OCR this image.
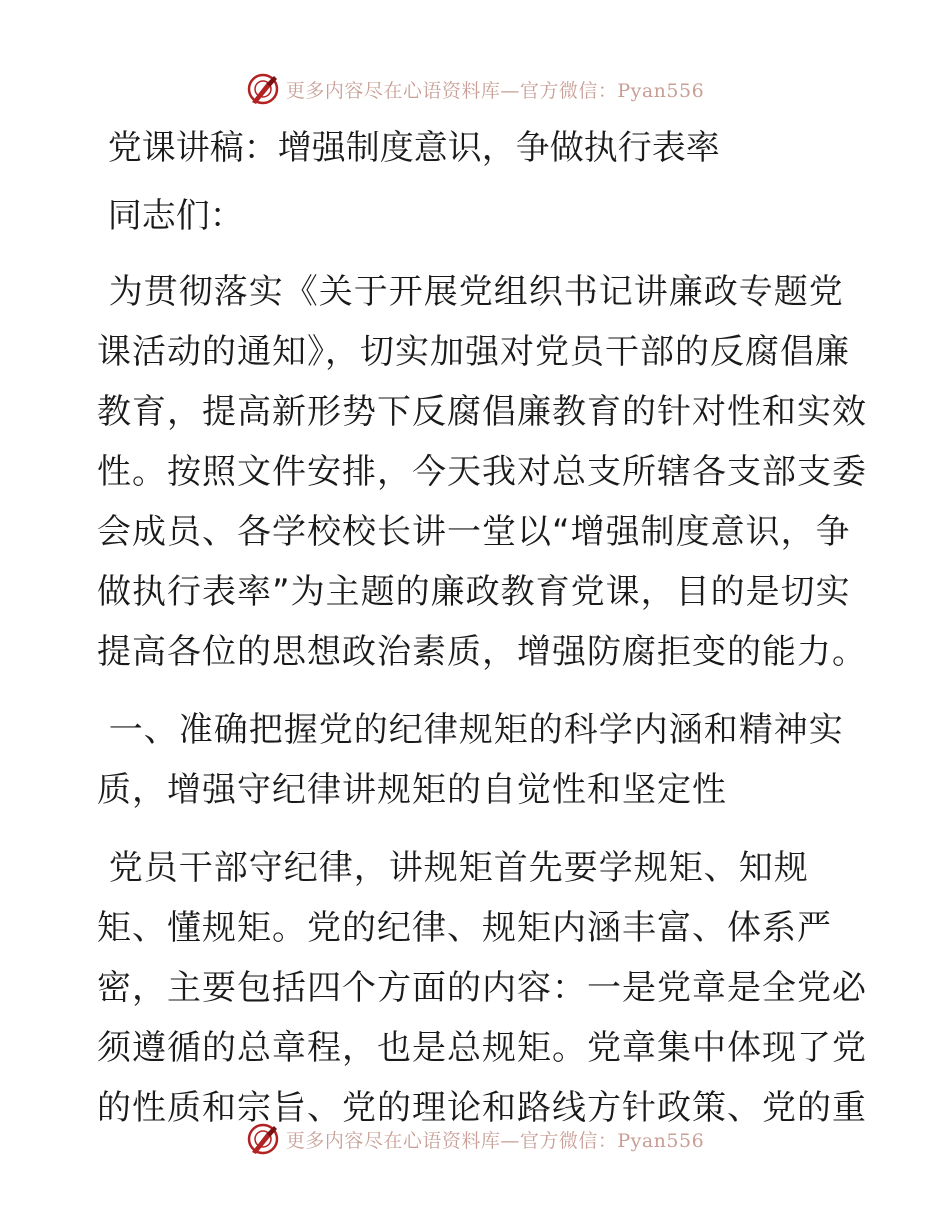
更多内容尽在心语资料库—官方微信：Pyan556
党课讲稿：增强制度意识，争做执行表率
同志们：
为贯彻落实《关于开展党组织书记讲廉政专题党
课活动的通知》，切实加强对党员干部的反腐倡廉
教育，提高新形势下反腐倡廉教育的针对性和实效
性。按照文件安排，今天我对总支所辖各支部支委
会成员、各学校校长讲一堂以“增强制度意识，争
做执行表率”为主题的廉政教育党课，目的是切实
提高各位的思想政治素质，增强防腐拒变的能力。
一、准确把握党的纪律规矩的科学内涵和精神实
质，增强守纪律讲规矩的自觉性和坚定性
党员干部守纪律，讲规矩首先要学规矩、知规
矩、懂规矩。党的纪律、规矩内涵丰富、体系严
密，主要包括四个方面的内容：一是党章是全党必
须遵循的总章程，也是总规矩。党章集中体现了党
的性质和宗旨、党的理论和路线方针政策、党的重
更多内容尽在心语资料库—官方微信：Pyan556
